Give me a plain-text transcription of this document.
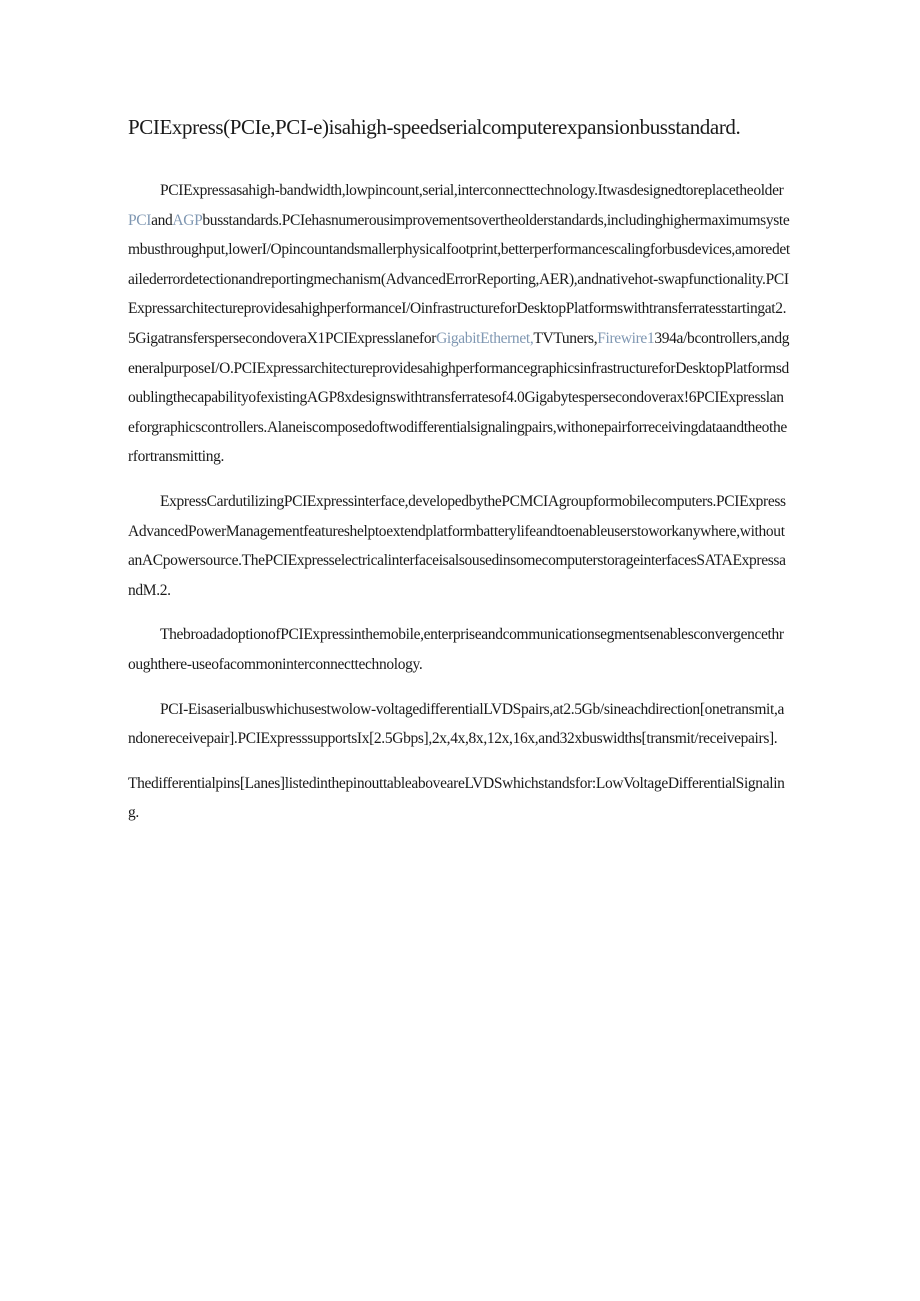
PCIExpress(PCIe,PCI-e)isahigh-speedserialcomputerexpansionbusstandard.

PCIExpressasahigh-bandwidth,lowpincount,serial,interconnecttechnology.ItwasdesignedtoreplacetheolderPCIandAGPbusstandards.PCIehasnumerousimprovementsovertheolderstandards,includinghighermaximumsystembusthroughput,lowerI/Opincountandsmallerphysicalfootprint,betterperformancescalingforbusdevices,amoredetailederrordetectionandreportingmechanism(AdvancedErrorReporting,AER),andnativehot-swapfunctionality.PCIExpressarchitectureprovidesahighperformanceI/OinfrastructureforDesktopPlatformswithtransferratesstartingat2.5GigatransferspersecondoveraX1PCIExpresslaneforGigabitEthernet,TVTuners,Firewire1394a/bcontrollers,andgeneralpurposeI/O.PCIExpressarchitectureprovidesahighperformancegraphicsinfrastructureforDesktopPlatformsdoublingthecapabilityofexistingAGP8xdesignswithtransferratesof4.0Gigabytespersecondoverax!6PCIExpresslaneforgraphicscontrollers.Alaneiscomposedoftwodifferentialsignalingpairs,withonepairforreceivingdataandtheotherfortransmitting.

ExpressCardutilizingPCIExpressinterface,developedbythePCMCIAgroupformobilecomputers.PCIExpressAdvancedPowerManagementfeatureshelptoextendplatformbatterylifeandtoenableuserstoworkanywhere,withoutanACpowersource.ThePCIExpresselectricalinterfaceisalsousedinsomecomputerstorageinterfacesSATAExpressandM.2.

ThebroadadoptionofPCIExpressinthemobile,enterpriseandcommunicationsegmentsenablesconvergencethroughthere-useofacommoninterconnecttechnology.

PCI-Eisaserialbuswhichusestwolow-voltagedifferentialLVDSpairs,at2.5Gb/sineachdirection[onetransmit,andonereceivepair].PCIExpresssupportsIx[2.5Gbps],2x,4x,8x,12x,16x,and32xbuswidths[transmit/receivepairs].

Thedifferentialpins[Lanes]listedinthepinouttableaboveareLVDSwhichstandsfor:LowVoltageDifferentialSignaling.
